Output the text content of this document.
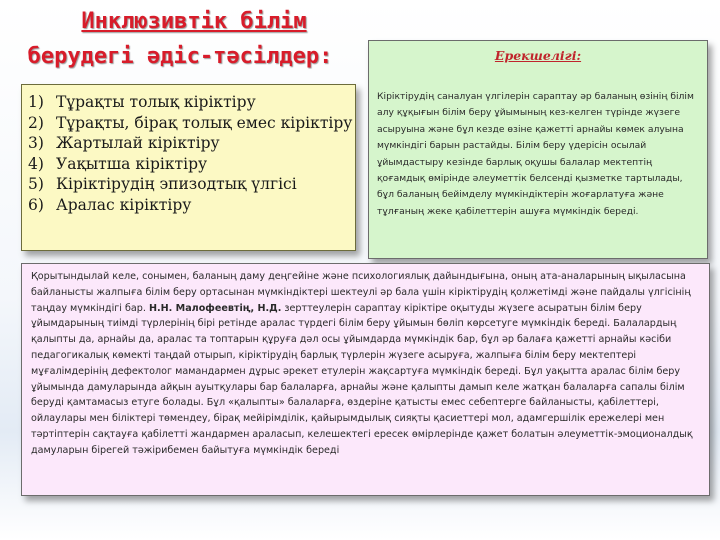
Инклюзивтік білім
берудегі әдіс-тәсілдер:
1) Тұрақты толық кіріктіру
2) Тұрақты, бірақ толық емес кіріктіру
3) Жартылай кіріктіру
4) Уақытша кіріктіру
5) Кіріктірудің эпизодтық үлгісі
6) Аралас кіріктіру
Ерекшелігі:
Кіріктірудің саналуан үлгілерін сараптау әр баланың өзінің білім алу құқығын білім беру ұйымының кез-келген түрінде жүзеге асыруына және бұл кезде өзіне қажетті арнайы көмек алуына мүмкіндігі барын растайды. Білім беру үдерісін осылай ұйымдастыру кезінде барлық оқушы балалар мектептің қоғамдық өмірінде әлеуметтік белсенді қызметке тартылады, бұл баланың бейімделу мүмкіндіктерін жоғарлатуға және тұлғаның жеке қабілеттерін ашуға мүмкіндік береді.
Қорытындылай келе, сонымен, баланың даму деңгейіне және психологиялық дайындығына, оның ата-аналарының ықыласына байланысты жалпыға білім беру ортасынан мүмкіндіктері шектеулі әр бала үшін кіріктірудің қолжетімді және пайдалы үлгісінің таңдау мүмкіндігі бар. Н.Н. Малофеевтің, Н.Д. зерттеулерін сараптау кіріктіре оқытуды жүзеге асыратын білім беру ұйымдарының тиімді түрлерінің бірі ретінде аралас түрдегі білім беру ұйымын бөліп көрсетуге мүмкіндік береді. Балалардың қалыпты да, арнайы да, аралас та топтарын құруға дәл осы ұйымдарда мүмкіндік бар, бұл әр балаға қажетті арнайы кәсіби педагогикалық көмекті таңдай отырып, кіріктірудің барлық түрлерін жүзеге асыруға, жалпыға білім беру мектептері мұғалімдерінің дефектолог мамандармен дұрыс әрекет етулерін жақсартуға мүмкіндік береді. Бұл уақытта аралас білім беру ұйымында дамуларында айқын ауытқулары бар балаларға, арнайы және қалыпты дамып келе жатқан балаларға сапалы білім беруді қамтамасыз етуге болады. Бұл «қалыпты» балаларға, өздеріне қатысты емес себептерге байланысты, қабілеттері, ойлаулары мен біліктері төмендеу, бірақ мейірімділік, қайырымдылық сияқты қасиеттері мол, адамгершілік ережелері мен тәртіптерін сақтауға қабілетті жандармен араласып, келешектегі ересек өмірлерінде қажет болатын әлеуметтік-эмоционалдық дамуларын бірегей тәжірибемен байытуға мүмкіндік береді
